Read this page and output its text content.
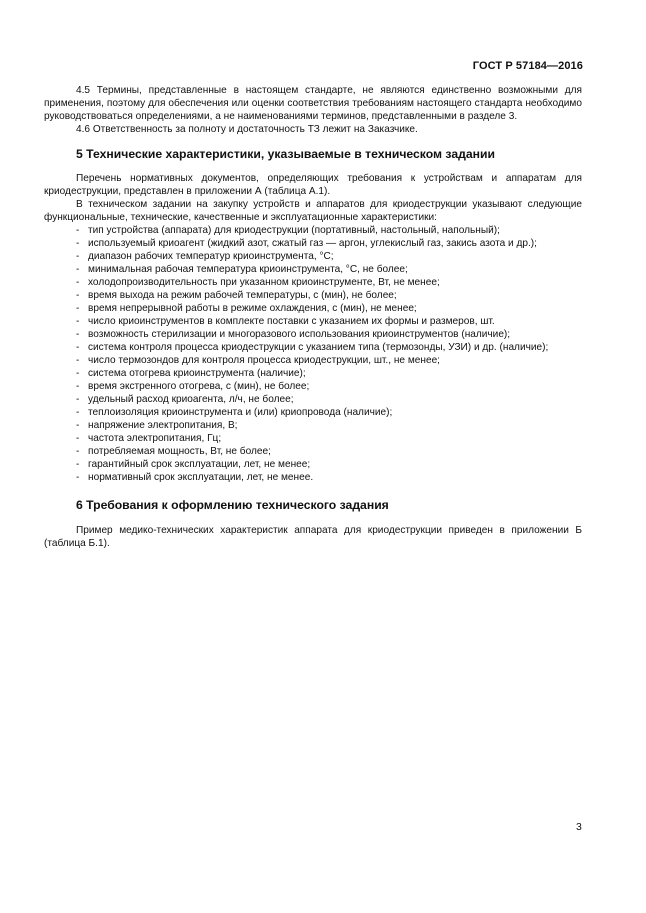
ГОСТ Р 57184—2016

4.5 Термины, представленные в настоящем стандарте, не являются единственно возможными для применения, поэтому для обеспечения или оценки соответствия требованиям настоящего стандарта необходимо руководствоваться определениями, а не наименованиями терминов, представленными в разделе 3.

4.6 Ответственность за полноту и достаточность ТЗ лежит на Заказчике.

5 Технические характеристики, указываемые в техническом задании

Перечень нормативных документов, определяющих требования к устройствам и аппаратам для криодеструкции, представлен в приложении А (таблица А.1).

В техническом задании на закупку устройств и аппаратов для криодеструкции указывают следующие функциональные, технические, качественные и эксплуатационные характеристики:

- тип устройства (аппарата) для криодеструкции (портативный, настольный, напольный);
- используемый криоагент (жидкий азот, сжатый газ — аргон, углекислый газ, закись азота и др.);
- диапазон рабочих температур криоинструмента, °С;
- минимальная рабочая температура криоинструмента, °С, не более;
- холодопроизводительность при указанном криоинструменте, Вт, не менее;
- время выхода на режим рабочей температуры, с (мин), не более;
- время непрерывной работы в режиме охлаждения, с (мин), не менее;
- число криоинструментов в комплекте поставки с указанием их формы и размеров, шт.
- возможность стерилизации и многоразового использования криоинструментов (наличие);
- система контроля процесса криодеструкции с указанием типа (термозонды, УЗИ) и др. (наличие);
- число термозондов для контроля процесса криодеструкции, шт., не менее;
- система отогрева криоинструмента (наличие);
- время экстренного отогрева, с (мин), не более;
- удельный расход криоагента, л/ч, не более;
- теплоизоляция криоинструмента и (или) криопровода (наличие);
- напряжение электропитания, В;
- частота электропитания, Гц;
- потребляемая мощность, Вт, не более;
- гарантийный срок эксплуатации, лет, не менее;
- нормативный срок эксплуатации, лет, не менее.
6 Требования к оформлению технического задания

Пример медико-технических характеристик аппарата для криодеструкции приведен в приложении Б (таблица Б.1).

3
